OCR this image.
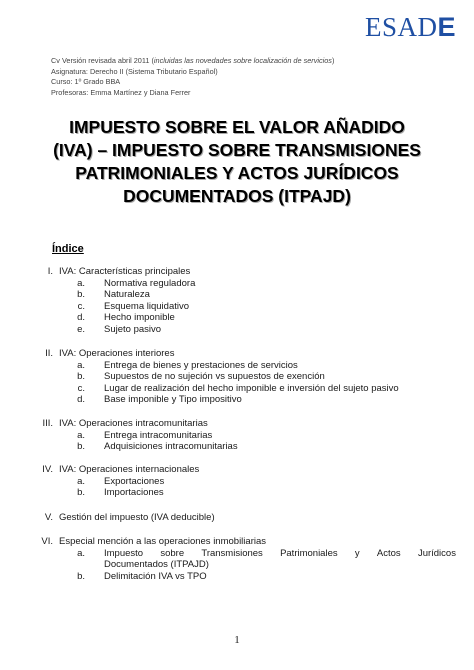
ESADE
Cv Versión revisada abril 2011 (incluidas las novedades sobre localización de servicios)
Asignatura: Derecho II (Sistema Tributario Español)
Curso: 1º Grado BBA
Profesoras: Emma Martínez y Diana Ferrer
IMPUESTO SOBRE EL VALOR AÑADIDO
(IVA) – IMPUESTO SOBRE TRANSMISIONES
PATRIMONIALES Y ACTOS JURÍDICOS
DOCUMENTADOS (ITPAJD)
Índice
I. IVA: Características principales
a. Normativa reguladora
b. Naturaleza
c. Esquema liquidativo
d. Hecho imponible
e. Sujeto pasivo
II. IVA: Operaciones interiores
a. Entrega de bienes y prestaciones de servicios
b. Supuestos de no sujeción vs supuestos de exención
c. Lugar de realización del hecho imponible e inversión del sujeto pasivo
d. Base imponible y Tipo impositivo
III. IVA: Operaciones intracomunitarias
a. Entrega intracomunitarias
b. Adquisiciones intracomunitarias
IV. IVA: Operaciones internacionales
a. Exportaciones
b. Importaciones
V. Gestión del impuesto (IVA deducible)
VI. Especial mención a las operaciones inmobiliarias
a. Impuesto sobre Transmisiones Patrimoniales y Actos Jurídicos
Documentados (ITPAJD)
b. Delimitación IVA vs TPO
1
